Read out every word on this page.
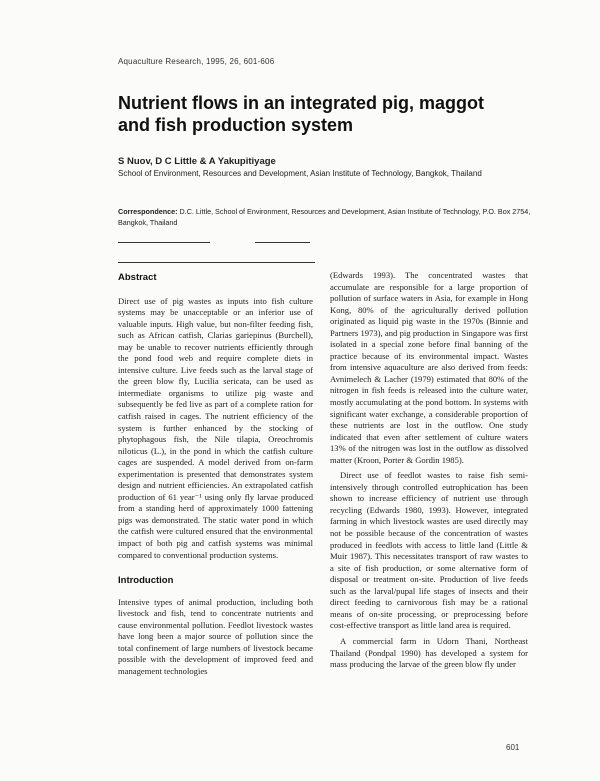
Aquaculture Research, 1995, 26, 601-606
Nutrient flows in an integrated pig, maggot and fish production system
S Nuov, D C Little & A Yakupitiyage
School of Environment, Resources and Development, Asian Institute of Technology, Bangkok, Thailand
Correspondence: D.C. Little, School of Environment, Resources and Development, Asian Institute of Technology, P.O. Box 2754, Bangkok, Thailand
Abstract

Direct use of pig wastes as inputs into fish culture systems may be unacceptable or an inferior use of valuable inputs. High value, but non-filter feeding fish, such as African catfish, Clarias gariepinus (Burchell), may be unable to recover nutrients efficiently through the pond food web and require complete diets in intensive culture. Live feeds such as the larval stage of the green blow fly, Lucilia sericata, can be used as intermediate organisms to utilize pig waste and subsequently be fed live as part of a complete ration for catfish raised in cages. The nutrient efficiency of the system is further enhanced by the stocking of phytophagous fish, the Nile tilapia, Oreochromis niloticus (L.), in the pond in which the catfish culture cages are suspended. A model derived from on-farm experimentation is presented that demonstrates system design and nutrient efficiencies. An extrapolated catfish production of 61 year⁻¹ using only fly larvae produced from a standing herd of approximately 1000 fattening pigs was demonstrated. The static water pond in which the catfish were cultured ensured that the environmental impact of both pig and catfish systems was minimal compared to conventional production systems.

Introduction

Intensive types of animal production, including both livestock and fish, tend to concentrate nutrients and cause environmental pollution. Feedlot livestock wastes have long been a major source of pollution since the total confinement of large numbers of livestock became possible with the development of improved feed and management technologies

(Edwards 1993). The concentrated wastes that accumulate are responsible for a large proportion of pollution of surface waters in Asia, for example in Hong Kong, 80% of the agriculturally derived pollution originated as liquid pig waste in the 1970s (Binnie and Partners 1973), and pig production in Singapore was first isolated in a special zone before final banning of the practice because of its environmental impact. Wastes from intensive aquaculture are also derived from feeds: Avnimelech & Lacher (1979) estimated that 80% of the nitrogen in fish feeds is released into the culture water, mostly accumulating at the pond bottom. In systems with significant water exchange, a considerable proportion of these nutrients are lost in the outflow. One study indicated that even after settlement of culture waters 13% of the nitrogen was lost in the outflow as dissolved matter (Kroon, Porter & Gordin 1985).

Direct use of feedlot wastes to raise fish semi-intensively through controlled eutrophication has been shown to increase efficiency of nutrient use through recycling (Edwards 1980, 1993). However, integrated farming in which livestock wastes are used directly may not be possible because of the concentration of wastes produced in feedlots with access to little land (Little & Muir 1987). This necessitates transport of raw wastes to a site of fish production, or some alternative form of disposal or treatment on-site. Production of live feeds such as the larval/pupal life stages of insects and their direct feeding to carnivorous fish may be a rational means of on-site processing, or preprocessing before cost-effective transport as little land area is required.

A commercial farm in Udorn Thani, Northeast Thailand (Pondpal 1990) has developed a system for mass producing the larvae of the green blow fly under

601
